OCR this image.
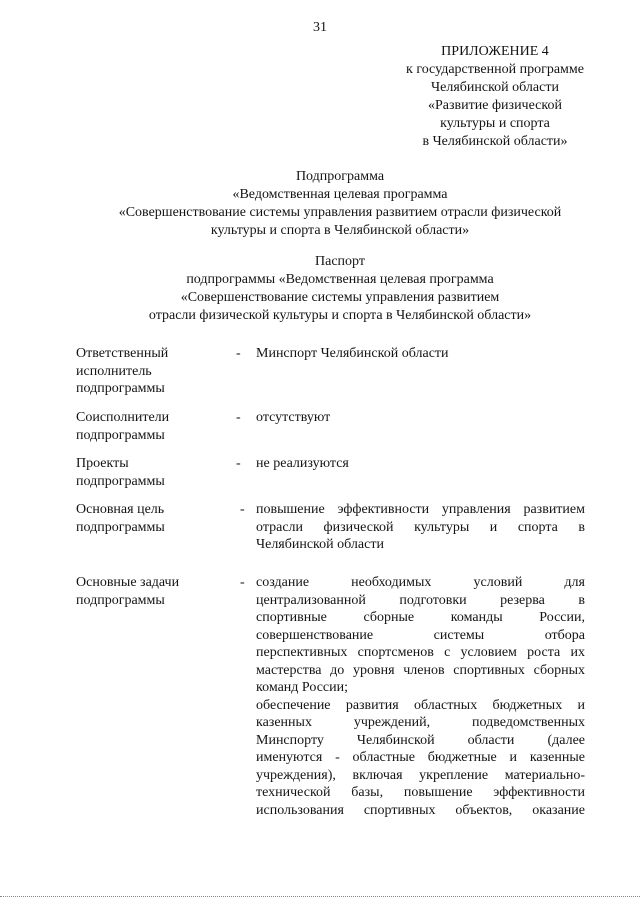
31
ПРИЛОЖЕНИЕ 4
к государственной программе
Челябинской области
«Развитие физической
культуры и спорта
в Челябинской области»
Подпрограмма
«Ведомственная целевая программа
«Совершенствование системы управления развитием отрасли физической
культуры и спорта в Челябинской области»
Паспорт
подпрограммы «Ведомственная целевая программа
«Совершенствование системы управления развитием
отрасли физической культуры и спорта в Челябинской области»
Ответственный
исполнитель
подпрограммы
- Минспорт Челябинской области
Соисполнители
подпрограммы
- отсутствуют
Проекты
подпрограммы
- не реализуются
Основная цель
подпрограммы
- повышение эффективности управления развитием
отрасли физической культуры и спорта в
Челябинской области
Основные задачи
подпрограммы
- создание необходимых условий для
централизованной подготовки резерва в
спортивные сборные команды России,
совершенствование системы отбора
перспективных спортсменов с условием роста их
мастерства до уровня членов спортивных сборных
команд России;
обеспечение развития областных бюджетных и
казенных учреждений, подведомственных
Минспорту Челябинской области (далее
именуются - областные бюджетные и казенные
учреждения), включая укрепление материально-
технической базы, повышение эффективности
использования спортивных объектов, оказание
